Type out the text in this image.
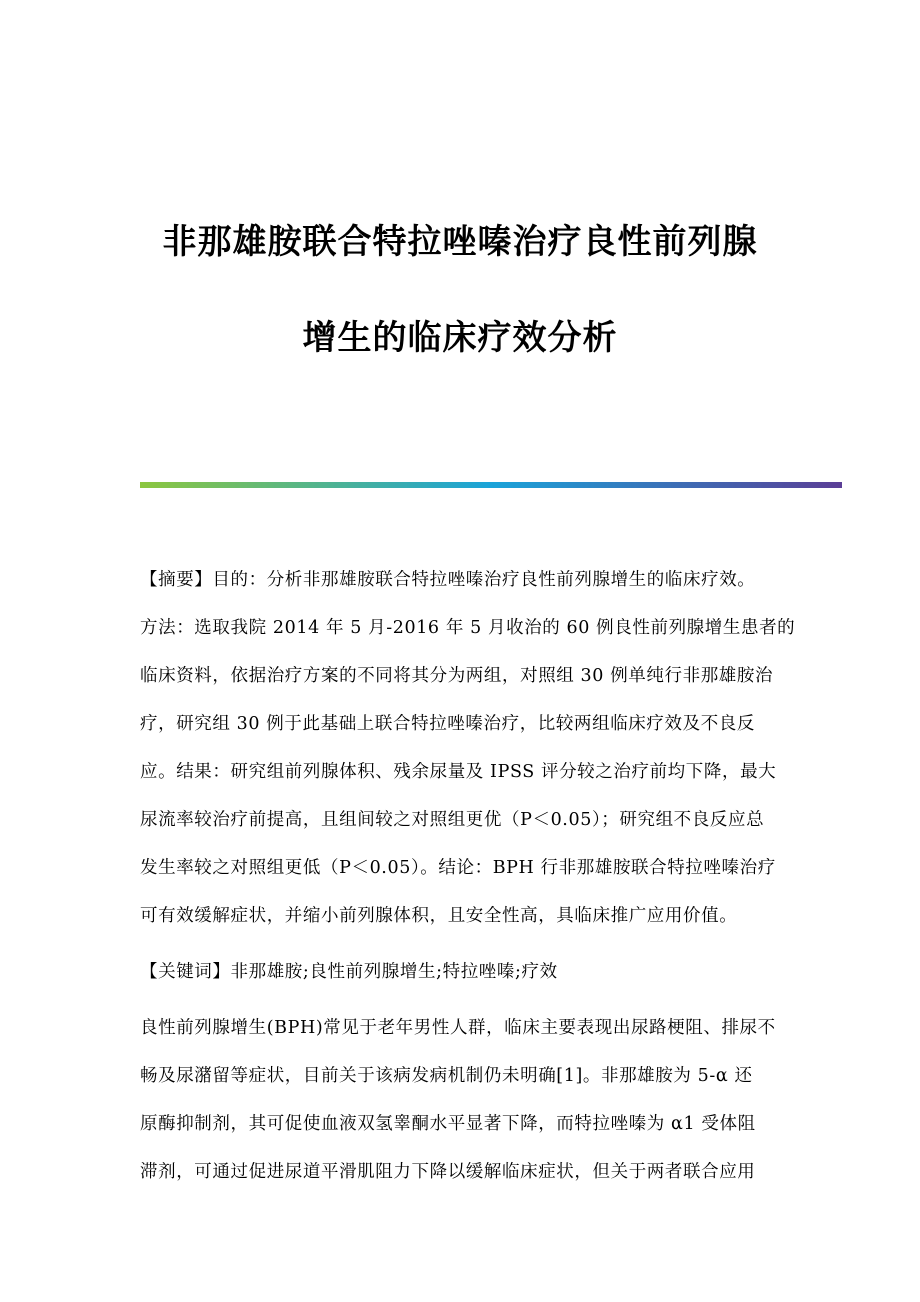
非那雄胺联合特拉唑嗪治疗良性前列腺
增生的临床疗效分析
【摘要】目的：分析非那雄胺联合特拉唑嗪治疗良性前列腺增生的临床疗效。
方法：选取我院 2014 年 5 月-2016 年 5 月收治的 60 例良性前列腺增生患者的
临床资料，依据治疗方案的不同将其分为两组，对照组 30 例单纯行非那雄胺治
疗，研究组 30 例于此基础上联合特拉唑嗪治疗，比较两组临床疗效及不良反
应。结果：研究组前列腺体积、残余尿量及 IPSS 评分较之治疗前均下降，最大
尿流率较治疗前提高，且组间较之对照组更优（P＜0.05）；研究组不良反应总
发生率较之对照组更低（P＜0.05）。结论：BPH 行非那雄胺联合特拉唑嗪治疗
可有效缓解症状，并缩小前列腺体积，且安全性高，具临床推广应用价值。
【关键词】非那雄胺;良性前列腺增生;特拉唑嗪;疗效
良性前列腺增生(BPH)常见于老年男性人群，临床主要表现出尿路梗阻、排尿不
畅及尿潴留等症状，目前关于该病发病机制仍未明确[1]。非那雄胺为 5-α 还
原酶抑制剂，其可促使血液双氢睾酮水平显著下降，而特拉唑嗪为 α1 受体阻
滞剂，可通过促进尿道平滑肌阻力下降以缓解临床症状，但关于两者联合应用
